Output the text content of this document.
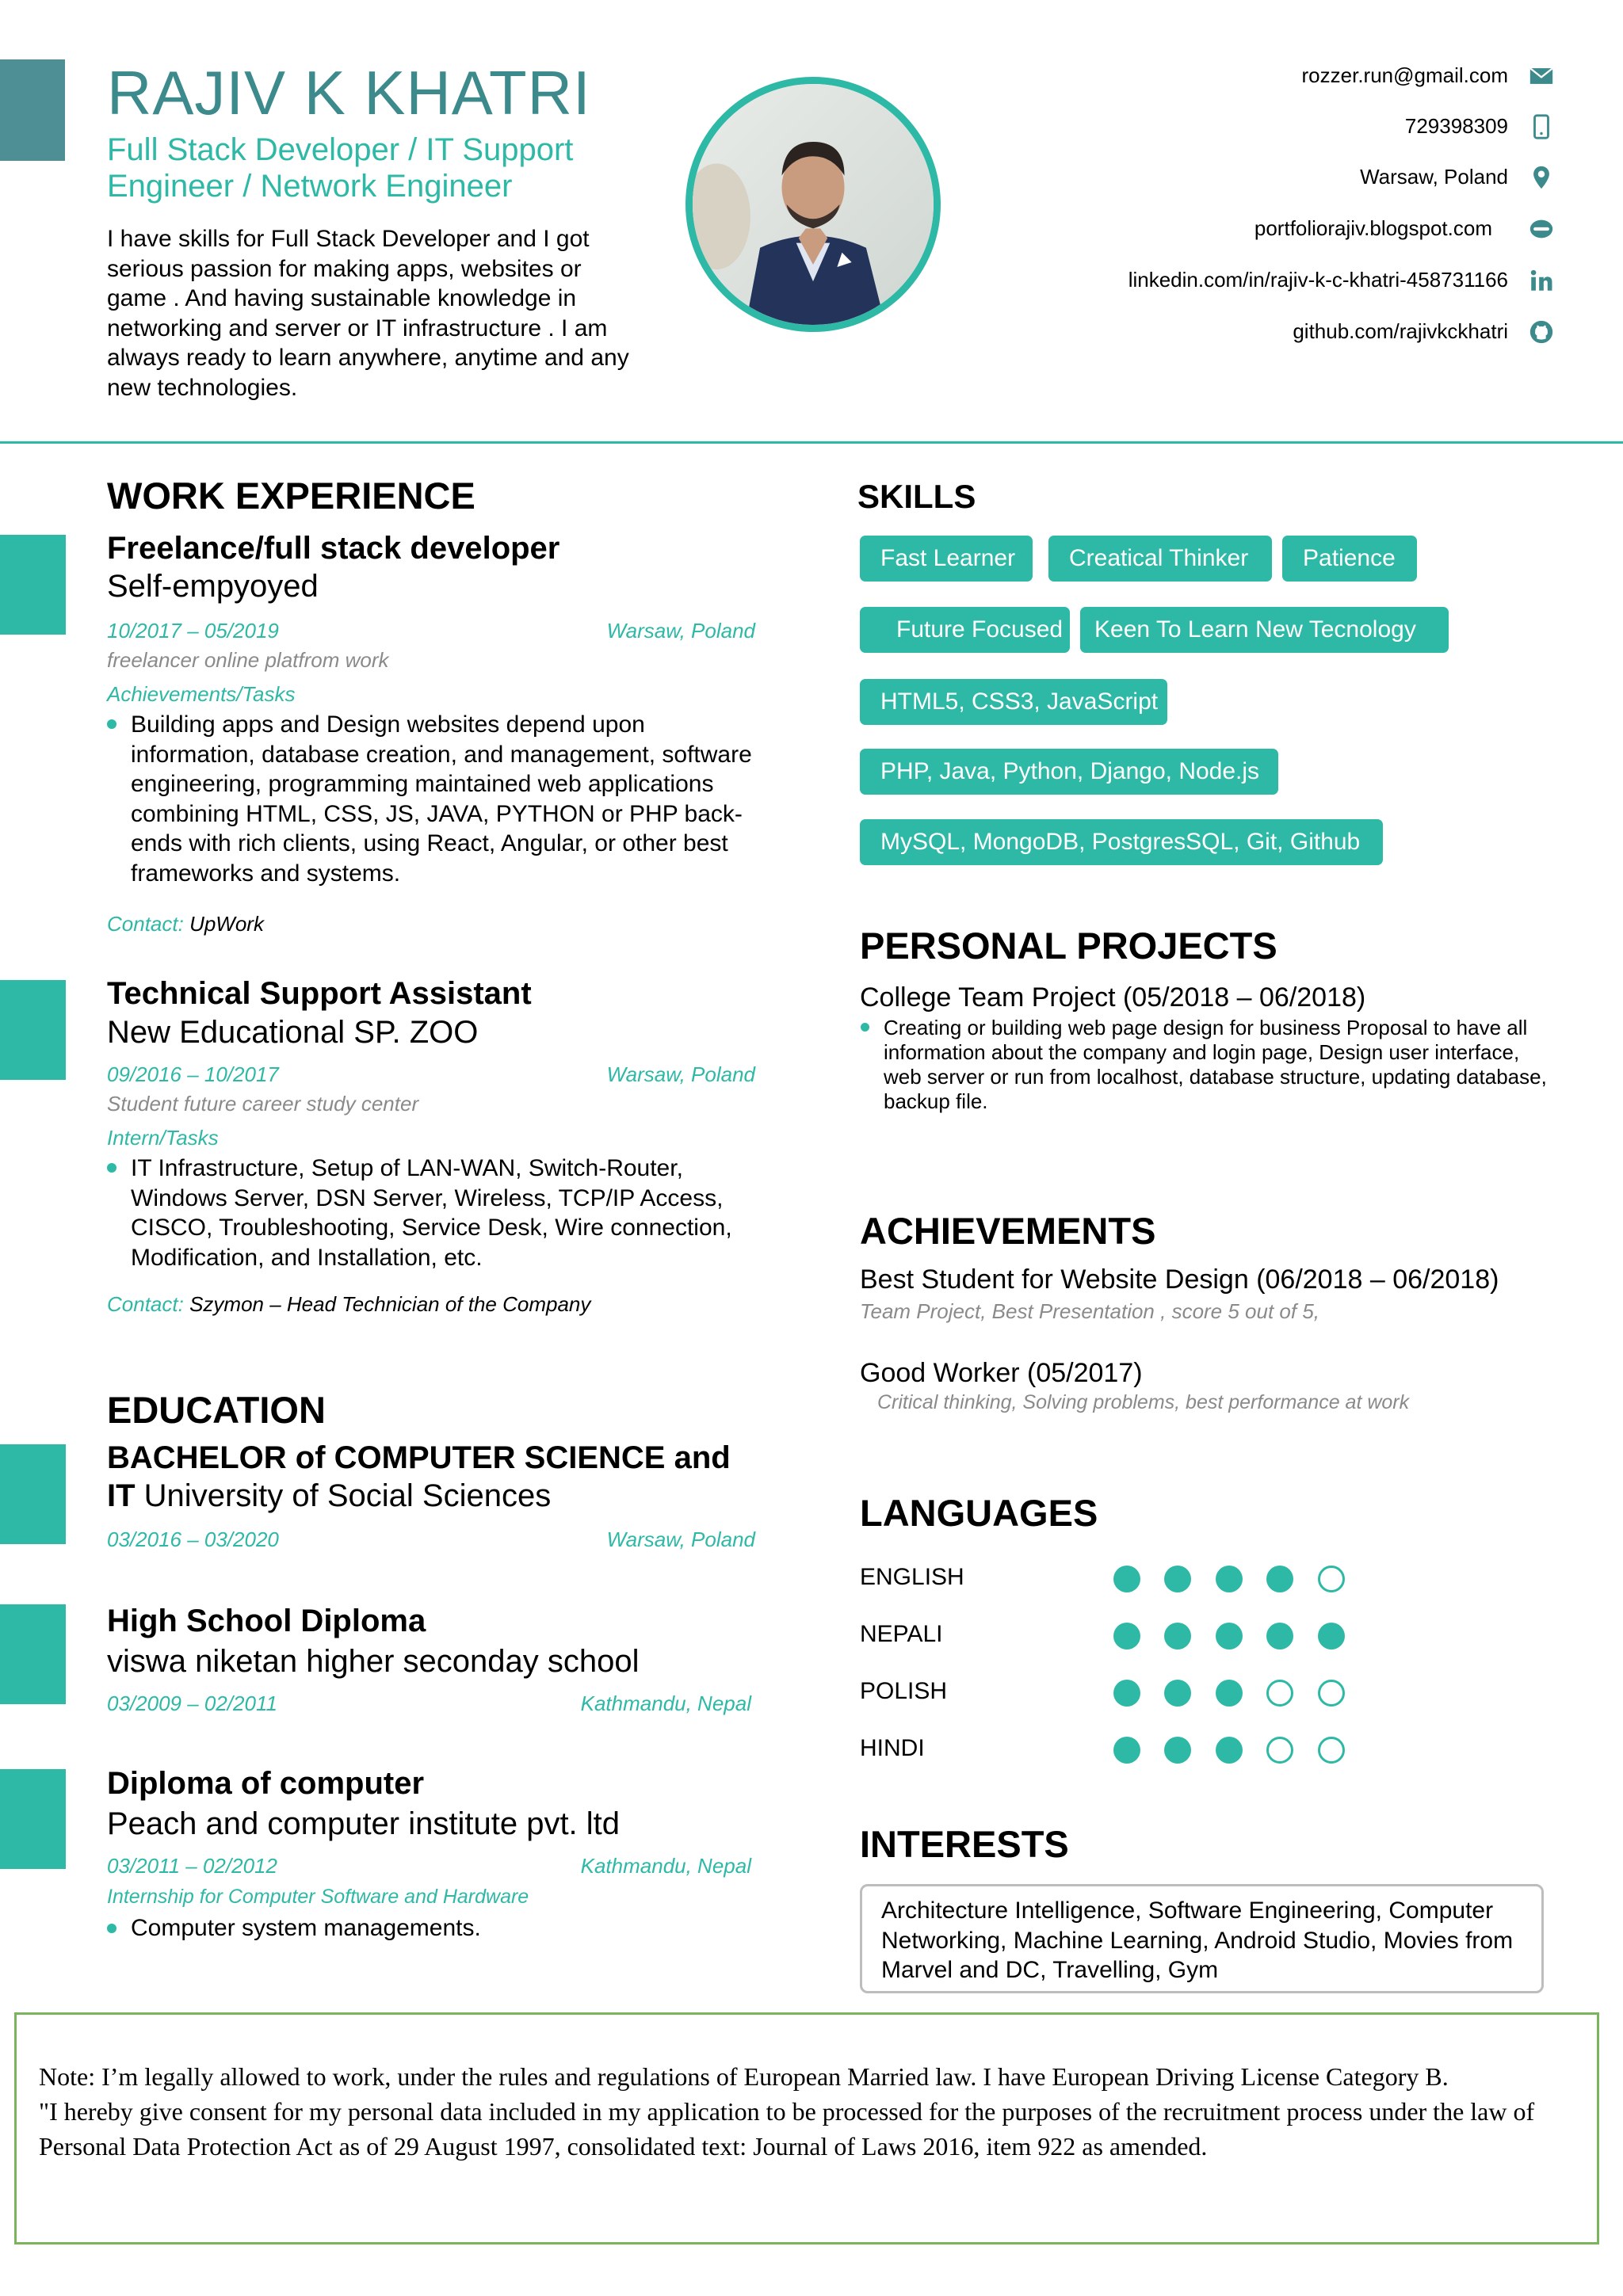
RAJIV K KHATRI
Full Stack Developer / IT Support
Engineer / Network Engineer
I have skills for Full Stack Developer and I got serious passion for making apps, websites or game . And having sustainable knowledge in networking and server or IT infrastructure . I am always ready to learn anywhere, anytime and any new technologies.
rozzer.run@gmail.com
729398309
Warsaw, Poland
portfoliorajiv.blogspot.com
linkedin.com/in/rajiv-k-c-khatri-458731166
github.com/rajivkckhatri
WORK EXPERIENCE
Freelance/full stack developer
Self-empyoyed
10/2017 – 05/2019	Warsaw, Poland
freelancer online platfrom work
Achievements/Tasks
Building apps and Design websites depend upon information, database creation, and management, software engineering, programming maintained web applications combining HTML, CSS, JS, JAVA, PYTHON or PHP back-ends with rich clients, using React, Angular, or other best frameworks and systems.
Contact: UpWork
Technical Support Assistant
New Educational SP. ZOO
09/2016 – 10/2017	Warsaw, Poland
Student future career study center
Intern/Tasks
IT Infrastructure, Setup of LAN-WAN, Switch-Router, Windows Server, DSN Server, Wireless, TCP/IP Access, CISCO, Troubleshooting, Service Desk, Wire connection, Modification, and Installation, etc.
Contact: Szymon – Head Technician of the Company
EDUCATION
BACHELOR of COMPUTER SCIENCE and
IT University of Social Sciences
03/2016 – 03/2020	Warsaw, Poland
High School Diploma
viswa niketan higher seconday school
03/2009 – 02/2011	Kathmandu, Nepal
Diploma of computer
Peach and computer institute pvt. ltd
03/2011 – 02/2012	Kathmandu, Nepal
Internship for Computer Software and Hardware
Computer system managements.
SKILLS
Fast Learner	Creatical Thinker	Patience
Future Focused	Keen To Learn New Tecnology
HTML5, CSS3, JavaScript
PHP, Java, Python, Django, Node.js
MySQL, MongoDB, PostgresSQL, Git, Github
PERSONAL PROJECTS
College Team Project (05/2018 – 06/2018)
Creating or building web page design for business Proposal to have all information about the company and login page, Design user interface, web server or run from localhost, database structure, updating database, backup file.
ACHIEVEMENTS
Best Student for Website Design (06/2018 – 06/2018)
Team Project, Best Presentation , score 5 out of 5,
Good Worker (05/2017)
Critical thinking, Solving problems, best performance at work
LANGUAGES
ENGLISH
NEPALI
POLISH
HINDI
INTERESTS
Architecture Intelligence, Software Engineering, Computer Networking, Machine Learning, Android Studio, Movies from Marvel and DC, Travelling, Gym
Note: I’m legally allowed to work, under the rules and regulations of European Married law. I have European Driving License Category B.
"I hereby give consent for my personal data included in my application to be processed for the purposes of the recruitment process under the law of Personal Data Protection Act as of 29 August 1997, consolidated text: Journal of Laws 2016, item 922 as amended.
